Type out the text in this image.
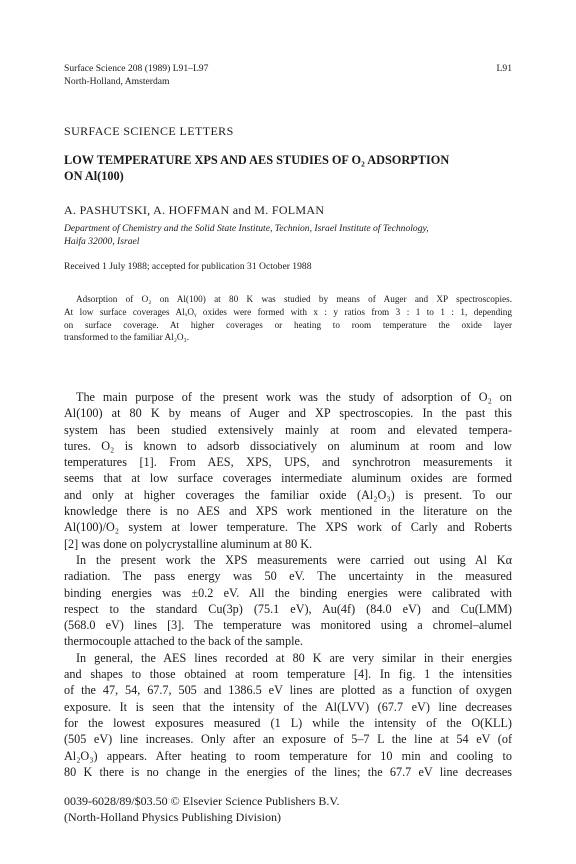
Surface Science 208 (1989) L91–L97
North-Holland, Amsterdam
L91
SURFACE SCIENCE LETTERS
LOW TEMPERATURE XPS AND AES STUDIES OF O₂ ADSORPTION
ON Al(100)
A. PASHUTSKI, A. HOFFMAN and M. FOLMAN
Department of Chemistry and the Solid State Institute, Technion, Israel Institute of Technology,
Haifa 32000, Israel
Received 1 July 1988; accepted for publication 31 October 1988
Adsorption of O₂ on Al(100) at 80 K was studied by means of Auger and XP spectroscopies.
At low surface coverages AlₓOᵧ oxides were formed with x : y ratios from 3 : 1 to 1 : 1, depending
on surface coverage. At higher coverages or heating to room temperature the oxide layer
transformed to the familiar Al₂O₃.
The main purpose of the present work was the study of adsorption of O₂ on
Al(100) at 80 K by means of Auger and XP spectroscopies. In the past this
system has been studied extensively mainly at room and elevated tempera-
tures. O₂ is known to adsorb dissociatively on aluminum at room and low
temperatures [1]. From AES, XPS, UPS, and synchrotron measurements it
seems that at low surface coverages intermediate aluminum oxides are formed
and only at higher coverages the familiar oxide (Al₂O₃) is present. To our
knowledge there is no AES and XPS work mentioned in the literature on the
Al(100)/O₂ system at lower temperature. The XPS work of Carly and Roberts
[2] was done on polycrystalline aluminum at 80 K.
In the present work the XPS measurements were carried out using Al Kα
radiation. The pass energy was 50 eV. The uncertainty in the measured
binding energies was ±0.2 eV. All the binding energies were calibrated with
respect to the standard Cu(3p) (75.1 eV), Au(4f) (84.0 eV) and Cu(LMM)
(568.0 eV) lines [3]. The temperature was monitored using a chromel–alumel
thermocouple attached to the back of the sample.
In general, the AES lines recorded at 80 K are very similar in their energies
and shapes to those obtained at room temperature [4]. In fig. 1 the intensities
of the 47, 54, 67.7, 505 and 1386.5 eV lines are plotted as a function of oxygen
exposure. It is seen that the intensity of the Al(LVV) (67.7 eV) line decreases
for the lowest exposures measured (1 L) while the intensity of the O(KLL)
(505 eV) line increases. Only after an exposure of 5–7 L the line at 54 eV (of
Al₂O₃) appears. After heating to room temperature for 10 min and cooling to
80 K there is no change in the energies of the lines; the 67.7 eV line decreases
0039-6028/89/$03.50 © Elsevier Science Publishers B.V.
(North-Holland Physics Publishing Division)
